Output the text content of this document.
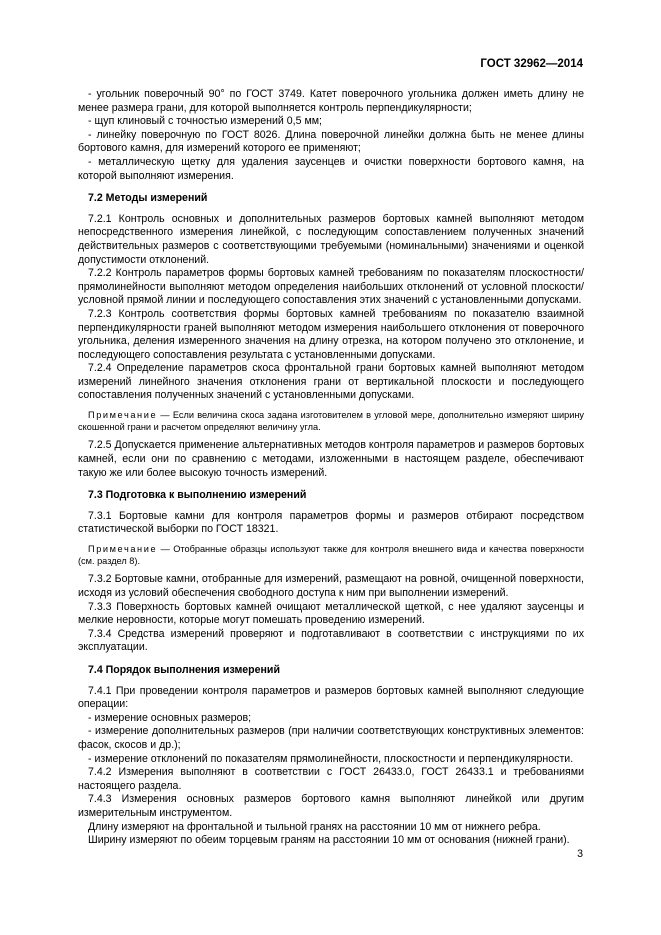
ГОСТ 32962—2014

- угольник поверочный 90° по ГОСТ 3749. Катет поверочного угольника должен иметь длину не менее размера грани, для которой выполняется контроль перпендикулярности;

- щуп клиновый с точностью измерений 0,5 мм;

- линейку поверочную по ГОСТ 8026. Длина поверочной линейки должна быть не менее длины бортового камня, для измерений которого ее применяют;

- металлическую щетку для удаления заусенцев и очистки поверхности бортового камня, на которой выполняют измерения.

7.2 Методы измерений

7.2.1 Контроль основных и дополнительных размеров бортовых камней выполняют методом непосредственного измерения линейкой, с последующим сопоставлением полученных значений действительных размеров с соответствующими требуемыми (номинальными) значениями и оценкой допустимости отклонений.

7.2.2 Контроль параметров формы бортовых камней требованиям по показателям плоскостности/прямолинейности выполняют методом определения наибольших отклонений от условной плоскости/условной прямой линии и последующего сопоставления этих значений с установленными допусками.

7.2.3 Контроль соответствия формы бортовых камней требованиям по показателю взаимной перпендикулярности граней выполняют методом измерения наибольшего отклонения от поверочного угольника, деления измеренного значения на длину отрезка, на котором получено это отклонение, и последующего сопоставления результата с установленными допусками.

7.2.4 Определение параметров скоса фронтальной грани бортовых камней выполняют методом измерений линейного значения отклонения грани от вертикальной плоскости и последующего сопоставления полученных значений с установленными допусками.

Примечание — Если величина скоса задана изготовителем в угловой мере, дополнительно измеряют ширину скошенной грани и расчетом определяют величину угла.

7.2.5 Допускается применение альтернативных методов контроля параметров и размеров бортовых камней, если они по сравнению с методами, изложенными в настоящем разделе, обеспечивают такую же или более высокую точность измерений.

7.3 Подготовка к выполнению измерений

7.3.1 Бортовые камни для контроля параметров формы и размеров отбирают посредством статистической выборки по ГОСТ 18321.

Примечание — Отобранные образцы используют также для контроля внешнего вида и качества поверхности (см. раздел 8).

7.3.2 Бортовые камни, отобранные для измерений, размещают на ровной, очищенной поверхности, исходя из условий обеспечения свободного доступа к ним при выполнении измерений.

7.3.3 Поверхность бортовых камней очищают металлической щеткой, с нее удаляют заусенцы и мелкие неровности, которые могут помешать проведению измерений.

7.3.4 Средства измерений проверяют и подготавливают в соответствии с инструкциями по их эксплуатации.

7.4 Порядок выполнения измерений

7.4.1 При проведении контроля параметров и размеров бортовых камней выполняют следующие операции:

- измерение основных размеров;

- измерение дополнительных размеров (при наличии соответствующих конструктивных элементов: фасок, скосов и др.);

- измерение отклонений по показателям прямолинейности, плоскостности и перпендикулярности.

7.4.2 Измерения выполняют в соответствии с ГОСТ 26433.0, ГОСТ 26433.1 и требованиями настоящего раздела.

7.4.3 Измерения основных размеров бортового камня выполняют линейкой или другим измерительным инструментом.

Длину измеряют на фронтальной и тыльной гранях на расстоянии 10 мм от нижнего ребра.

Ширину измеряют по обеим торцевым граням на расстоянии 10 мм от основания (нижней грани).

3
